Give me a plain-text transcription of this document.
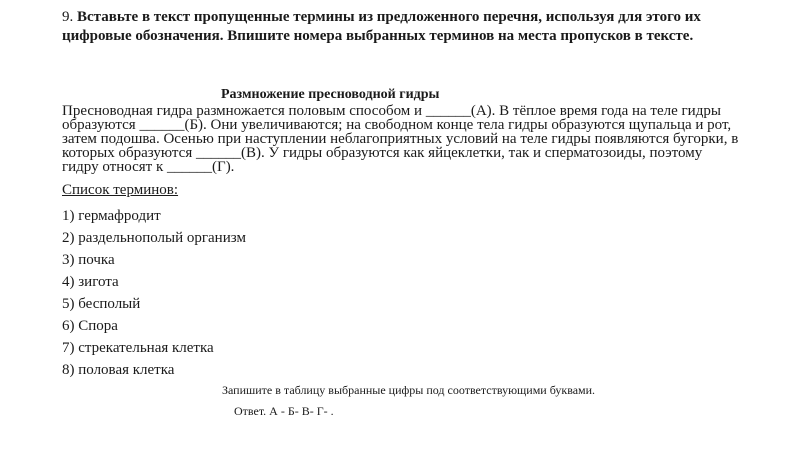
9. Вставьте в текст пропущенные термины из предложенного перечня, используя для этого их цифровые обозначения. Впишите номера выбранных терминов на места пропусков в тексте.
Размножение пресноводной гидры
Пресноводная гидра размножается половым способом и ______(А). В тёплое время года на теле гидры образуются ______(Б). Они увеличиваются; на свободном конце тела гидры образуются щупальца и рот, затем подошва. Осенью при наступлении неблагоприятных условий на теле гидры появляются бугорки, в которых образуются ______(В). У гидры образуются как яйцеклетки, так и сперматозоиды, поэтому гидру относят к ______(Г).
Список терминов:
1) гермафродит
2) раздельнополый организм
3) почка
4) зигота
5) бесполый
6) Спора
7) стрекательная клетка
8) половая клетка
Запишите в таблицу выбранные цифры под соответствующими буквами.
Ответ. А - Б- В- Г- .
